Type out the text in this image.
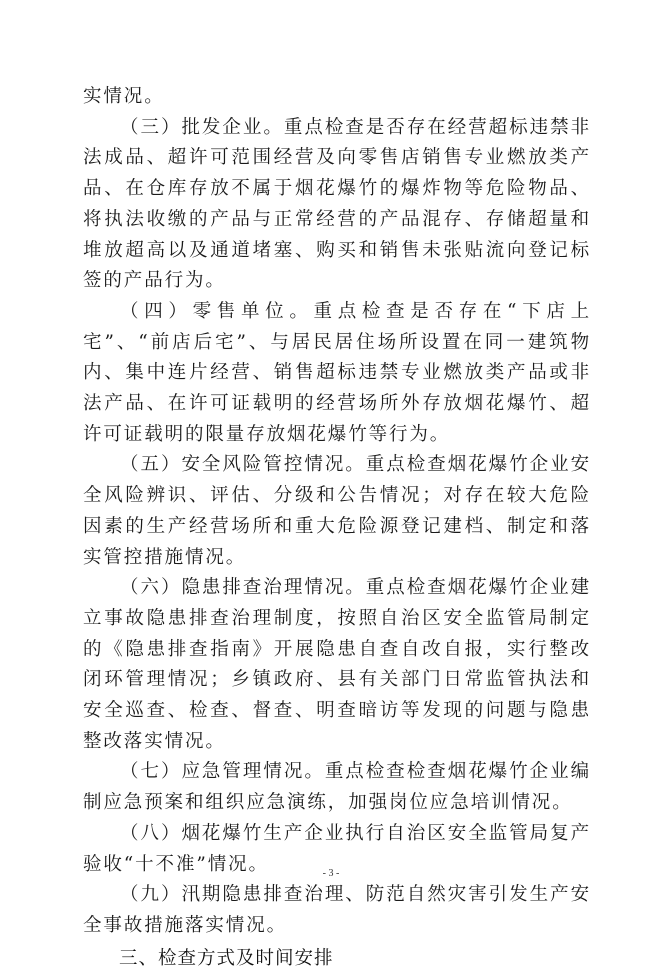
实情况。

（三）批发企业。重点检查是否存在经营超标违禁非法成品、超许可范围经营及向零售店销售专业燃放类产品、在仓库存放不属于烟花爆竹的爆炸物等危险物品、将执法收缴的产品与正常经营的产品混存、存储超量和堆放超高以及通道堵塞、购买和销售未张贴流向登记标签的产品行为。

（四）零售单位。重点检查是否存在“下店上宅”、“前店后宅”、与居民居住场所设置在同一建筑物内、集中连片经营、销售超标违禁专业燃放类产品或非法产品、在许可证载明的经营场所外存放烟花爆竹、超许可证载明的限量存放烟花爆竹等行为。

（五）安全风险管控情况。重点检查烟花爆竹企业安全风险辨识、评估、分级和公告情况；对存在较大危险因素的生产经营场所和重大危险源登记建档、制定和落实管控措施情况。

（六）隐患排查治理情况。重点检查烟花爆竹企业建立事故隐患排查治理制度，按照自治区安全监管局制定的《隐患排查指南》开展隐患自查自改自报，实行整改闭环管理情况；乡镇政府、县有关部门日常监管执法和安全巡查、检查、督查、明查暗访等发现的问题与隐患整改落实情况。

（七）应急管理情况。重点检查检查烟花爆竹企业编制应急预案和组织应急演练，加强岗位应急培训情况。

（八）烟花爆竹生产企业执行自治区安全监管局复产验收“十不准”情况。

（九）汛期隐患排查治理、防范自然灾害引发生产安全事故措施落实情况。

三、检查方式及时间安排
- 3 -
